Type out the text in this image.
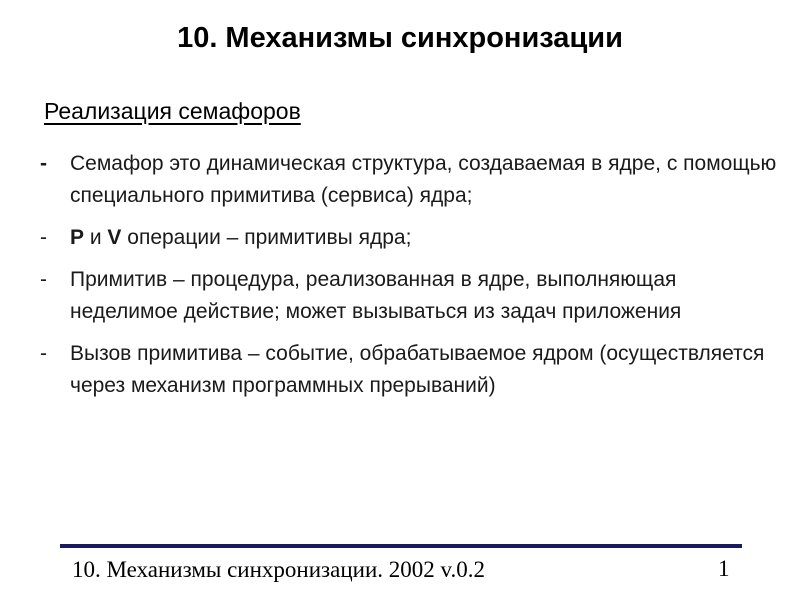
10. Механизмы синхронизации
Реализация семафоров
-	Семафор это динамическая структура, создаваемая в ядре, с помощью специального примитива (сервиса) ядра;
-	P и V операции – примитивы ядра;
-	Примитив – процедура, реализованная в ядре, выполняющая неделимое действие; может вызываться из задач приложения
-	Вызов примитива – событие, обрабатываемое ядром (осуществляется через механизм программных прерываний)
10. Механизмы синхронизации. 2002 v.0.2	1
